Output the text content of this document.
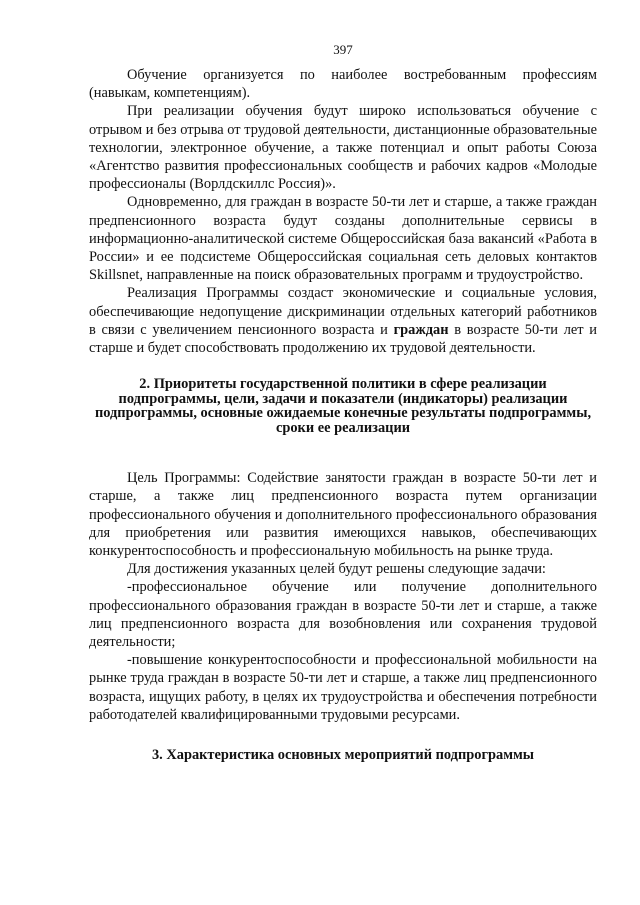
397

Обучение организуется по наиболее востребованным профессиям (навыкам, компетенциям).

При реализации обучения будут широко использоваться обучение с отрывом и без отрыва от трудовой деятельности, дистанционные образовательные технологии, электронное обучение, а также потенциал и опыт работы Союза «Агентство развития профессиональных сообществ и рабочих кадров «Молодые профессионалы (Ворлдскиллс Россия)».

Одновременно, для граждан в возрасте 50-ти лет и старше, а также граждан предпенсионного возраста будут созданы дополнительные сервисы в информационно-аналитической системе Общероссийская база вакансий «Работа в России» и ее подсистеме Общероссийская социальная сеть деловых контактов Skillsnet, направленные на поиск образовательных программ и трудоустройство.

Реализация Программы создаст экономические и социальные условия, обеспечивающие недопущение дискриминации отдельных категорий работников в связи с увеличением пенсионного возраста и граждан в возрасте 50-ти лет и старше и будет способствовать продолжению их трудовой деятельности.

2. Приоритеты государственной политики в сфере реализации подпрограммы, цели, задачи и показатели (индикаторы) реализации подпрограммы, основные ожидаемые конечные результаты подпрограммы, сроки ее реализации

Цель Программы: Содействие занятости граждан в возрасте 50-ти лет и старше, а также лиц предпенсионного возраста путем организации профессионального обучения и дополнительного профессионального образования для приобретения или развития имеющихся навыков, обеспечивающих конкурентоспособность и профессиональную мобильность на рынке труда.

Для достижения указанных целей будут решены следующие задачи:

-профессиональное обучение или получение дополнительного профессионального образования граждан в возрасте 50-ти лет и старше, а также лиц предпенсионного возраста для возобновления или сохранения трудовой деятельности;

-повышение конкурентоспособности и профессиональной мобильности на рынке труда граждан в возрасте 50-ти лет и старше, а также лиц предпенсионного возраста, ищущих работу, в целях их трудоустройства и обеспечения потребности работодателей квалифицированными трудовыми ресурсами.

3. Характеристика основных мероприятий подпрограммы
